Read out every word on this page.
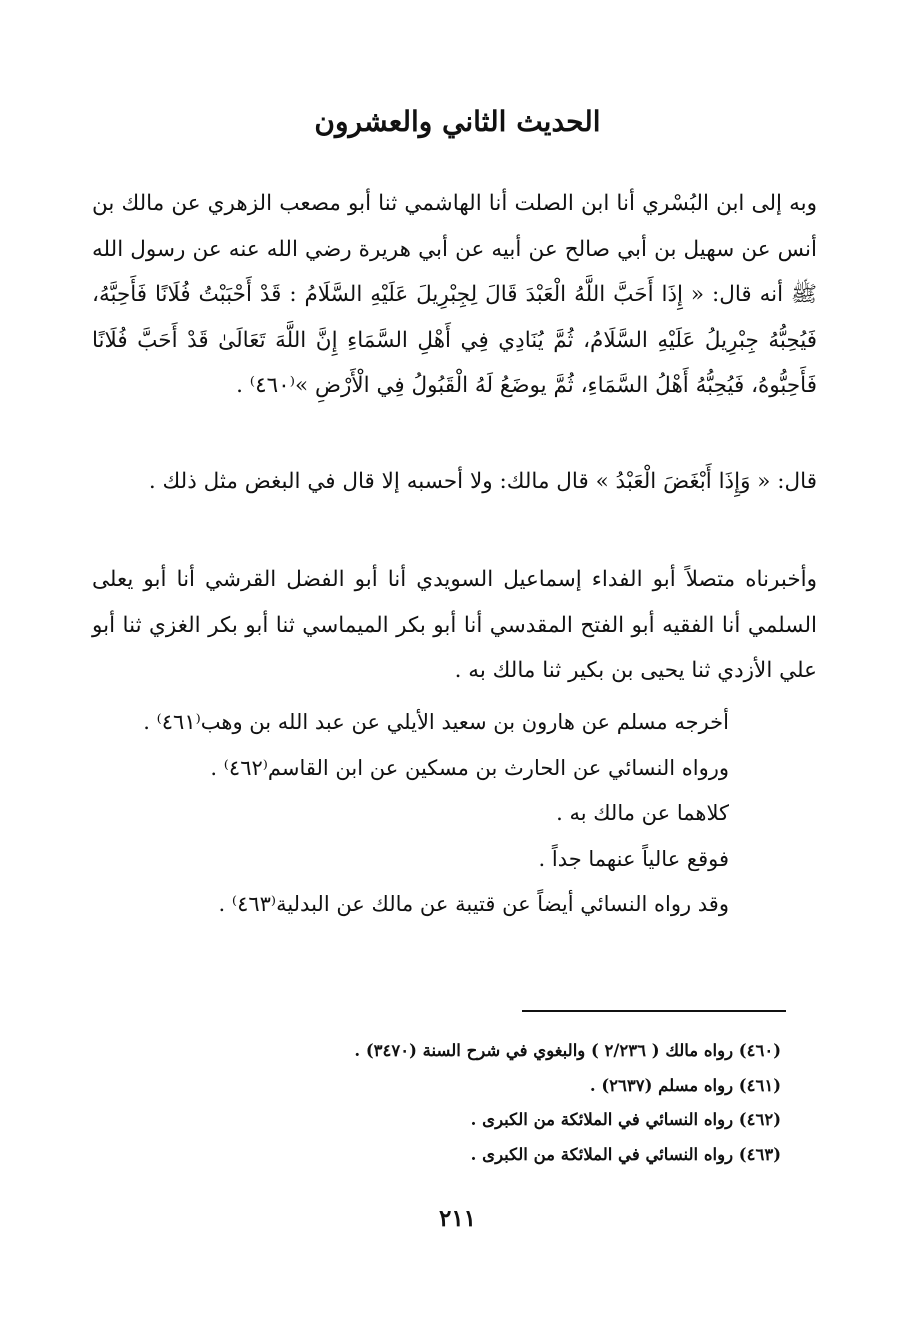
الحديث الثاني والعشرون
وبه إلى ابن البُسْري أنا ابن الصلت أنا الهاشمي ثنا أبو مصعب الزهري عن مالك بن أنس عن سهيل بن أبي صالح عن أبيه عن أبي هريرة رضي الله عنه عن رسول الله ﷺ أنه قال: « إِذَا أَحَبَّ اللَّهُ الْعَبْدَ قَالَ لِجِبْرِيلَ عَلَيْهِ السَّلَامُ : قَدْ أَحْبَبْتُ فُلَانًا فَأَحِبَّهُ، فَيُحِبُّهُ جِبْرِيلُ عَلَيْهِ السَّلَامُ، ثُمَّ يُنَادِي فِي أَهْلِ السَّمَاءِ إِنَّ اللَّهَ تَعَالَىٰ قَدْ أَحَبَّ فُلَانًا فَأَحِبُّوهُ، فَيُحِبُّهُ أَهْلُ السَّمَاءِ، ثُمَّ يوضَعُ لَهُ الْقَبُولُ فِي الْأَرْضِ »⁽٤٦٠⁾ .
قال: « وَإِذَا أَبْغَضَ الْعَبْدُ » قال مالك: ولا أحسبه إلا قال في البغض مثل ذلك .
وأخبرناه متصلاً أبو الفداء إسماعيل السويدي أنا أبو الفضل القرشي أنا أبو يعلى السلمي أنا الفقيه أبو الفتح المقدسي أنا أبو بكر الميماسي ثنا أبو بكر الغزي ثنا أبو علي الأزدي ثنا يحيى بن بكير ثنا مالك به .
أخرجه مسلم عن هارون بن سعيد الأيلي عن عبد الله بن وهب⁽٤٦١⁾ .
ورواه النسائي عن الحارث بن مسكين عن ابن القاسم⁽٤٦٢⁾ .
كلاهما عن مالك به .
فوقع عالياً عنهما جداً .
وقد رواه النسائي أيضاً عن قتيبة عن مالك عن البدلية⁽٤٦٣⁾ .
(٤٦٠) رواه مالك ( ٢/٢٣٦ ) والبغوي في شرح السنة (٣٤٧٠) .
(٤٦١) رواه مسلم (٢٦٣٧) .
(٤٦٢) رواه النسائي في الملائكة من الكبرى .
(٤٦٣) رواه النسائي في الملائكة من الكبرى .
٢١١
